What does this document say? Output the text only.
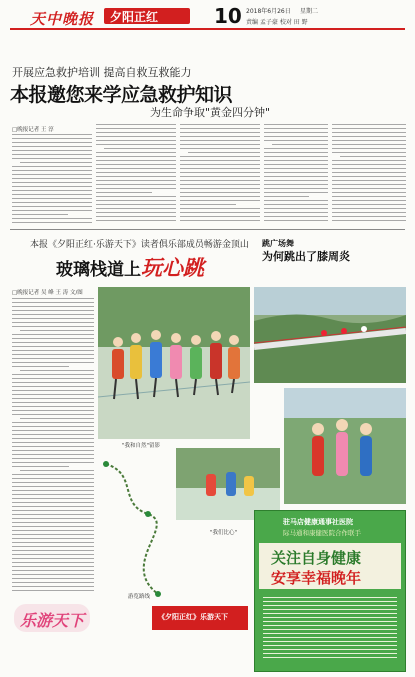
天中晚报 夕阳正红	10 2018年6月26日 星期二
责编 孟子豪 校对 田 野
开展应急救护培训 提高自救互救能力
本报邀您来学应急救护知识
为生命争取"黄金四分钟"
□晚报记者 王 淳
本报《夕阳正红·乐游天下》读者俱乐部成员畅游金顶山
玻璃栈道上玩心跳
□晚报记者 吴 峰 王 涛 文/图
"我和自然"留影
游览路线
"我们比心"
乐游天下	《夕阳正红》乐游天下
跳广场舞
为何跳出了膝周炎
驻马店健康通事社医院
际马通和康健医院合作联手
关注自身健康
安享幸福晚年
